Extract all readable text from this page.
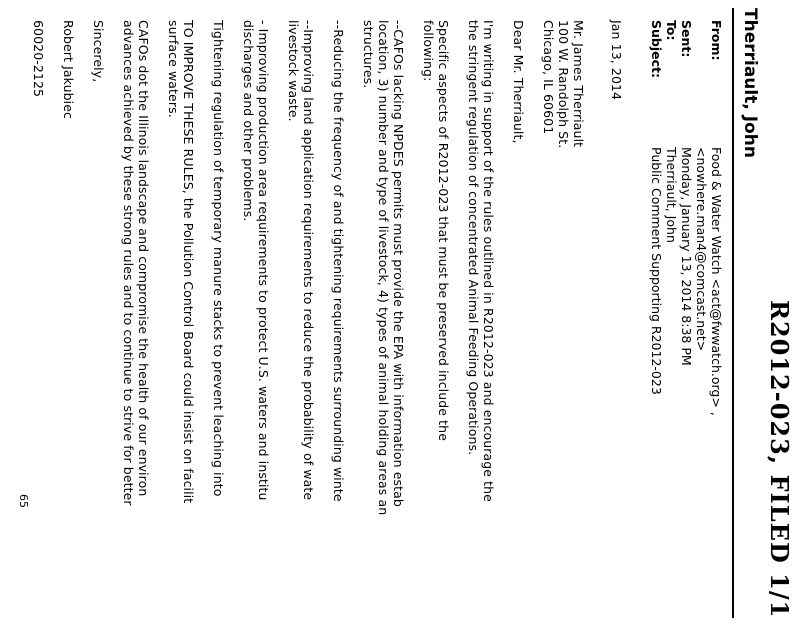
R2012-023, FILED 1/1
Therriault, John
From:
Food & Water Watch <act@fwwatch.org> ,
<nowhere.man4@comcast.net>
Sent:
Monday, January 13, 2014 8:38 PM
To:
Therriault, John
Subject:
Public Comment Supporting R2012-023
Jan 13, 2014
Mr. James Therriault
100 W. Randolph St.
Chicago, IL 60601
Dear Mr. Therriault,
I'm writing in support of the rules outlined in R2012-023 and encourage the
the stringent regulation of concentrated Animal Feeding Operations.
Specific aspects of R2012-023 that must be preserved include the
following:
--CAFOs lacking NPDES permits must provide the EPA with information estab
location, 3) number and type of livestock, 4) types of animal holding areas an
structures.
--Reducing the frequency of and tightening requirements surrounding winte
--Improving land application requirements to reduce the probability of wate
livestock waste.
- Improving production area requirements to protect U.S. waters and institu
discharges and other problems.
Tightening regulation of temporary manure stacks to prevent leaching into
TO IMPROVE THESE RULES, the Pollution Control Board could insist on facilit
surface waters.
CAFOs dot the Illinois landscape and compromise the health of our environ
advances achieved by these strong rules and to continue to strive for better
Sincerely,
Robert Jakubiec
60020-2125
65
